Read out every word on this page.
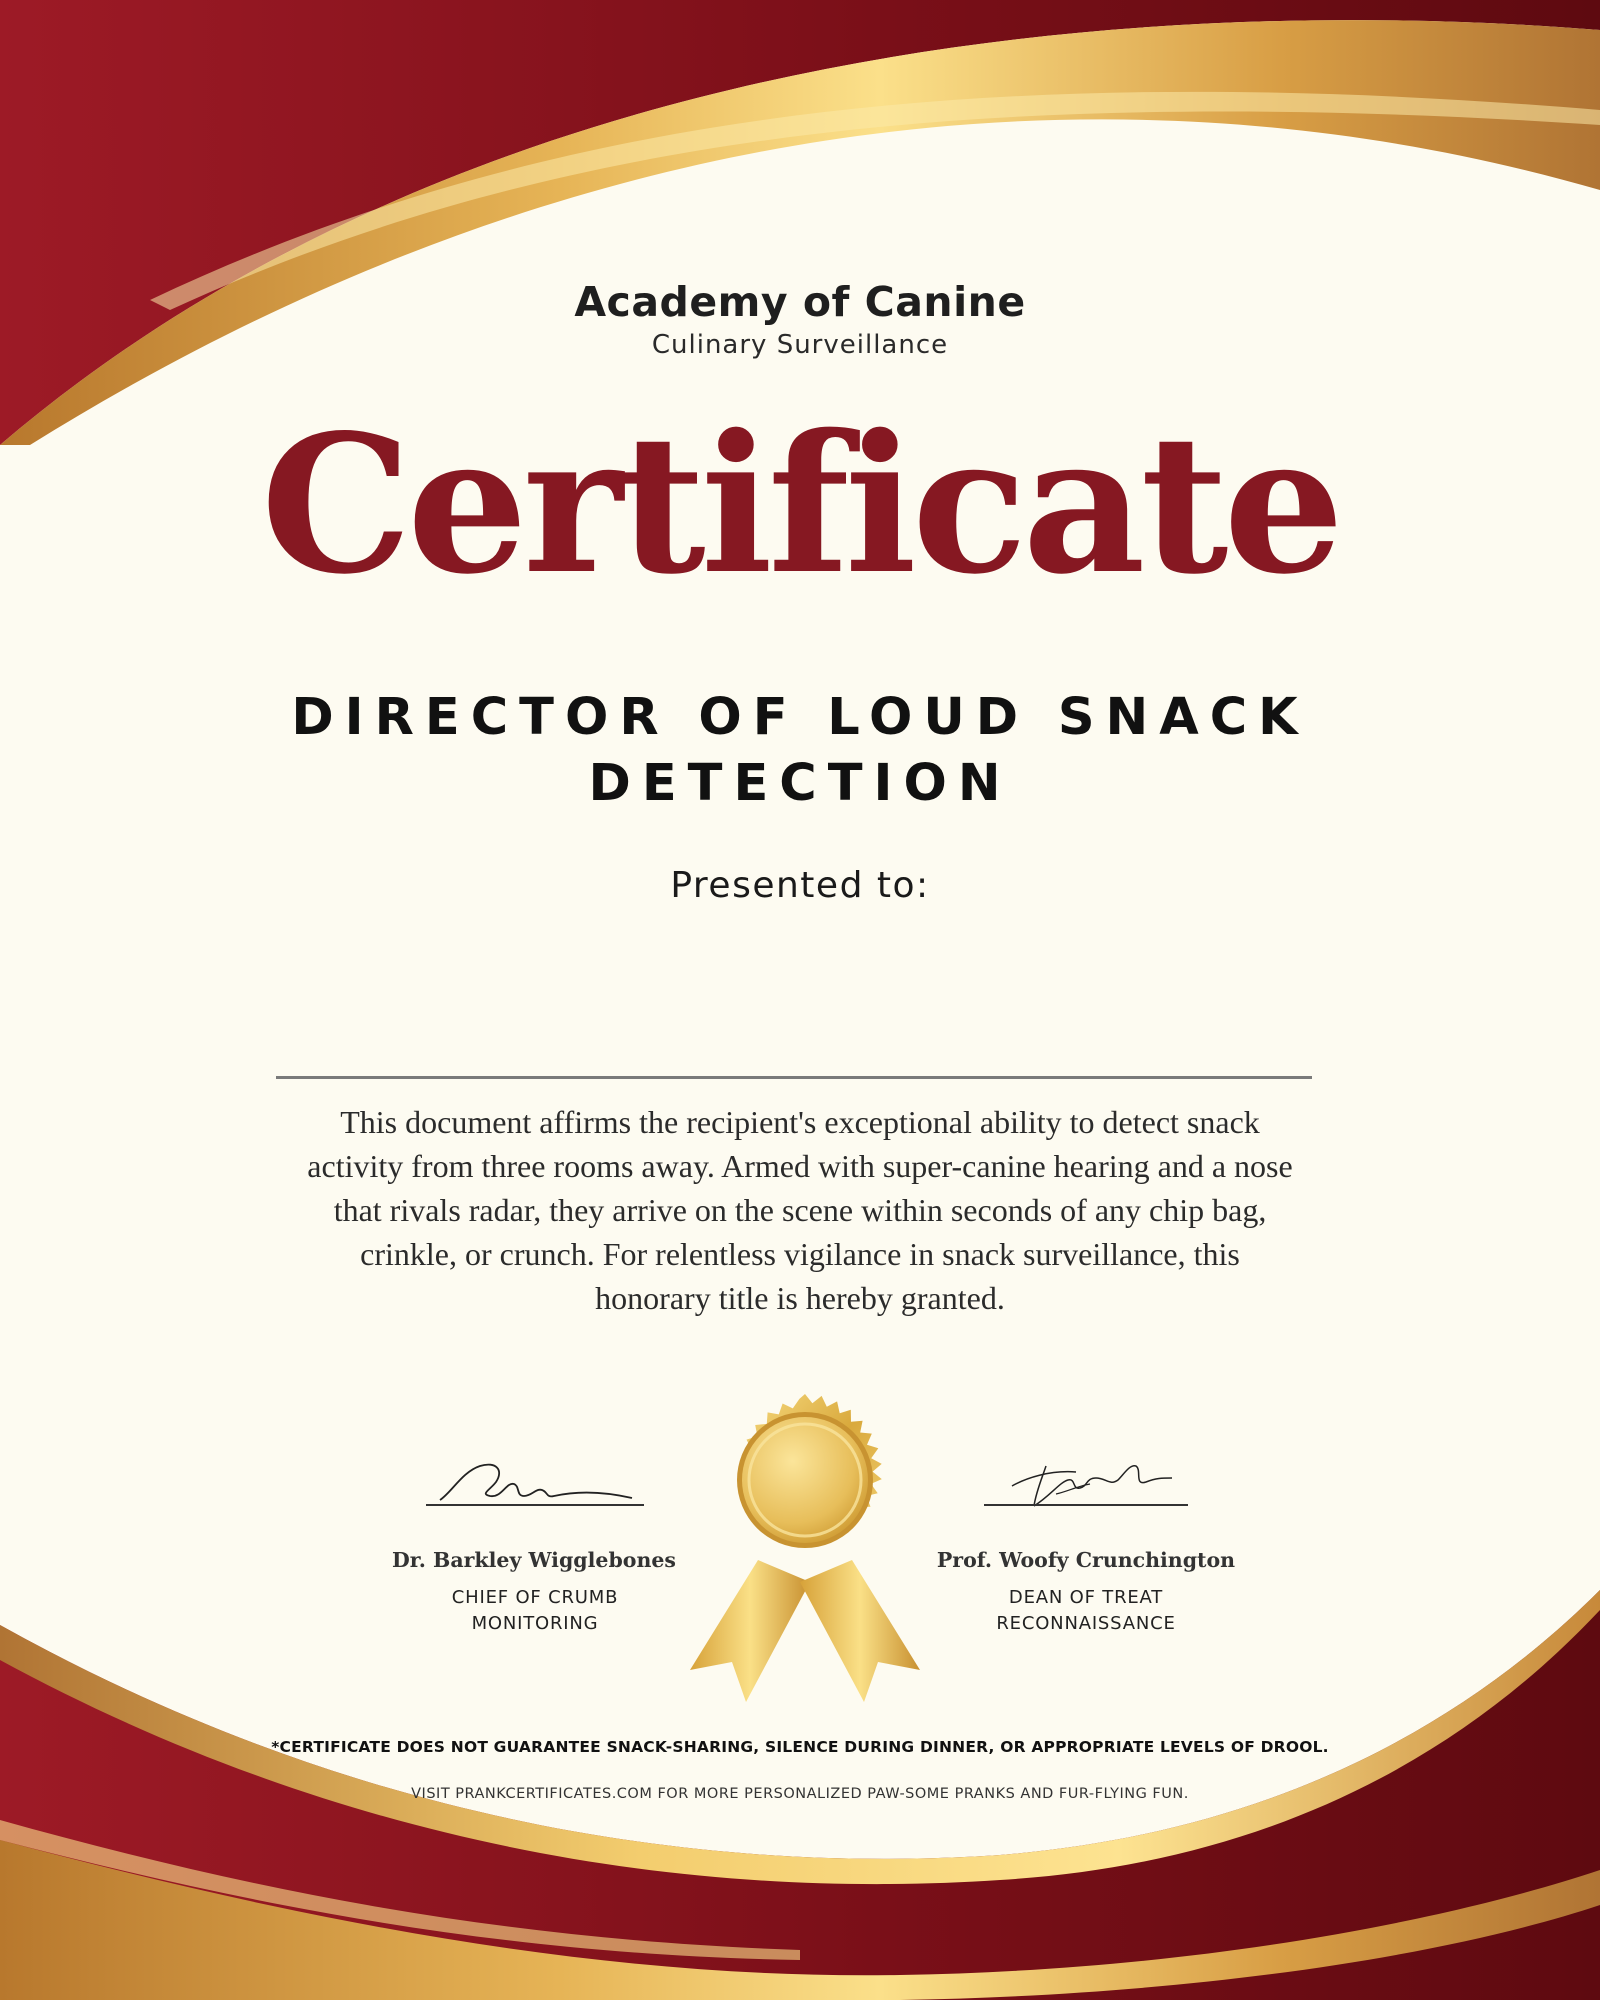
Academy of Canine
Culinary Surveillance
Certificate
DIRECTOR OF LOUD SNACK DETECTION
Presented to:
This document affirms the recipient's exceptional ability to detect snack activity from three rooms away. Armed with super-canine hearing and a nose that rivals radar, they arrive on the scene within seconds of any chip bag, crinkle, or crunch. For relentless vigilance in snack surveillance, this honorary title is hereby granted.
Dr. Barkley Wigglebones
CHIEF OF CRUMB MONITORING
Prof. Woofy Crunchington
DEAN OF TREAT RECONNAISSANCE
*CERTIFICATE DOES NOT GUARANTEE SNACK-SHARING, SILENCE DURING DINNER, OR APPROPRIATE LEVELS OF DROOL.
VISIT PRANKCERTIFICATES.COM FOR MORE PERSONALIZED PAW-SOME PRANKS AND FUR-FLYING FUN.
